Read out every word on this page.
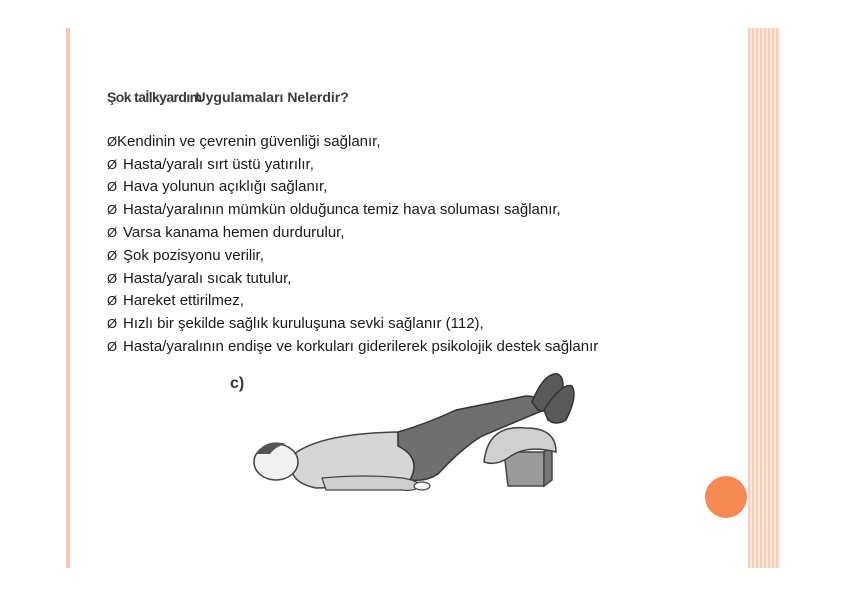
Şok taİlkyardımUygulamaları Nelerdir?
Ø Kendinin ve çevrenin güvenliği sağlanır,
Ø Hasta/yaralı sırt üstü yatırılır,
Ø Hava yolunun açıklığı sağlanır,
Ø Hasta/yaralının mümkün olduğunca temiz hava soluması sağlanır,
Ø Varsa kanama hemen durdurulur,
Ø Şok pozisyonu verilir,
Ø Hasta/yaralı sıcak tutulur,
Ø Hareket ettirilmez,
Ø Hızlı bir şekilde sağlık kuruluşuna sevki sağlanır (112),
Ø Hasta/yaralının endişe ve korkuları giderilerek psikolojik destek sağlanır
c)
